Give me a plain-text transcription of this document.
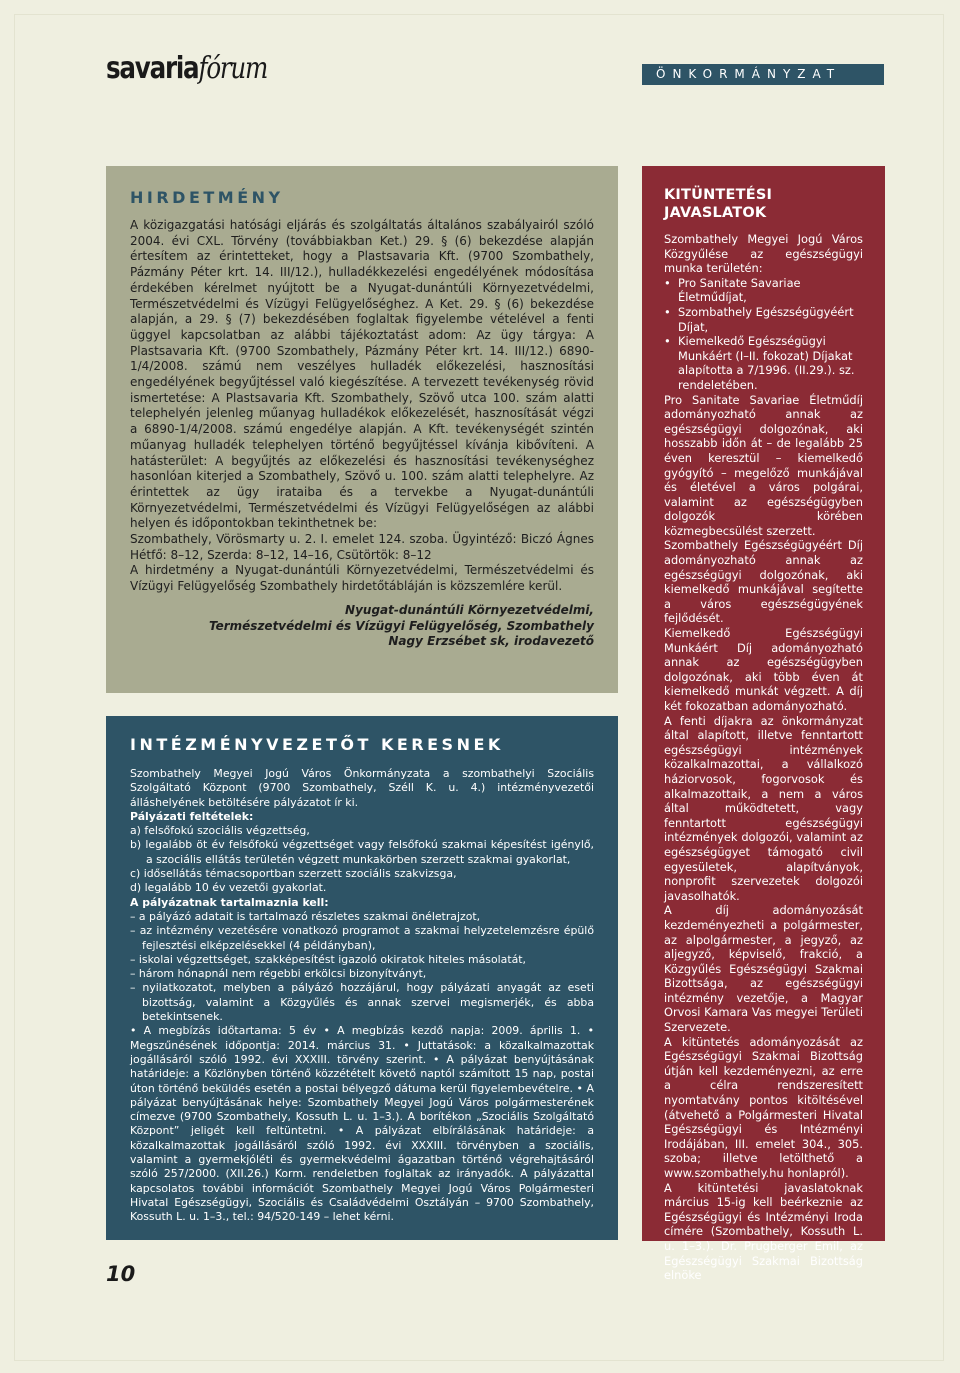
savariafórum	ÖNKORMÁNYZAT
HIRDETMÉNY

A közigazgatási hatósági eljárás és szolgáltatás általános szabályairól szóló 2004. évi CXL. Törvény (továbbiakban Ket.) 29. § (6) bekezdése alapján értesítem az érintetteket, hogy a Plastsavaria Kft. (9700 Szombathely, Pázmány Péter krt. 14. III/12.), hulladékkezelési engedélyének módosítása érdekében kérelmet nyújtott be a Nyugat-dunántúli Környezetvédelmi, Természetvédelmi és Vízügyi Felügyelőséghez. A Ket. 29. § (6) bekezdése alapján, a 29. § (7) bekezdésében foglaltak figyelembe vételével a fenti üggyel kapcsolatban az alábbi tájékoztatást adom: Az ügy tárgya: A Plastsavaria Kft. (9700 Szombathely, Pázmány Péter krt. 14. III/12.) 6890-1/4/2008. számú nem veszélyes hulladék előkezelési, hasznosítási engedélyének begyűjtéssel való kiegészítése. A tervezett tevékenység rövid ismertetése: A Plastsavaria Kft. Szombathely, Szövő utca 100. szám alatti telephelyén jelenleg műanyag hulladékok előkezelését, hasznosítását végzi a 6890-1/4/2008. számú engedélye alapján. A Kft. tevékenységét szintén műanyag hulladék telephelyen történő begyűjtéssel kívánja kibővíteni. A hatásterület: A begyűjtés az előkezelési és hasznosítási tevékenységhez hasonlóan kiterjed a Szombathely, Szövő u. 100. szám alatti telephelyre. Az érintettek az ügy irataiba és a tervekbe a Nyugat-dunántúli Környezetvédelmi, Természetvédelmi és Vízügyi Felügyelőségen az alábbi helyen és időpontokban tekinthetnek be:

Szombathely, Vörösmarty u. 2. I. emelet 124. szoba. Ügyintéző: Biczó Ágnes Hétfő: 8–12, Szerda: 8–12, 14–16, Csütörtök: 8–12

A hirdetmény a Nyugat-dunántúli Környezetvédelmi, Természetvédelmi és Vízügyi Felügyelőség Szombathely hirdetőtábláján is közszemlére kerül.

Nyugat-dunántúli Környezetvédelmi,
Természetvédelmi és Vízügyi Felügyelőség, Szombathely
Nagy Erzsébet sk, irodavezető
INTÉZMÉNYVEZETŐT KERESNEK

Szombathely Megyei Jogú Város Önkormányzata a szombathelyi Szociális Szolgáltató Központ (9700 Szombathely, Széll K. u. 4.) intézményvezetői álláshelyének betöltésére pályázatot ír ki.

Pályázati feltételek:

a) felsőfokú szociális végzettség,
b) legalább öt év felsőfokú végzettséget vagy felsőfokú szakmai képesítést igénylő, a szociális ellátás területén végzett munkakörben szerzett szakmai gyakorlat,
c) idősellátás témacsoportban szerzett szociális szakvizsga,
d) legalább 10 év vezetői gyakorlat.

A pályázatnak tartalmaznia kell:

– a pályázó adatait is tartalmazó részletes szakmai önéletrajzot,
– az intézmény vezetésére vonatkozó programot a szakmai helyzetelemzésre épülő fejlesztési elképzelésekkel (4 példányban),
– iskolai végzettséget, szakképesítést igazoló okiratok hiteles másolatát,
– három hónapnál nem régebbi erkölcsi bizonyítványt,
– nyilatkozatot, melyben a pályázó hozzájárul, hogy pályázati anyagát az eseti bizottság, valamint a Közgyűlés és annak szervei megismerjék, és abba betekintsenek.

• A megbízás időtartama: 5 év • A megbízás kezdő napja: 2009. április 1. • Megszűnésének időpontja: 2014. március 31. • Juttatások: a közalkalmazottak jogállásáról szóló 1992. évi XXXIII. törvény szerint. • A pályázat benyújtásának határideje: a Közlönyben történő közzétételt követő naptól számított 15 nap, postai úton történő beküldés esetén a postai bélyegző dátuma kerül figyelembevételre. • A pályázat benyújtásának helye: Szombathely Megyei Jogú Város polgármesterének címezve (9700 Szombathely, Kossuth L. u. 1–3.). A borítékon „Szociális Szolgáltató Központ” jeligét kell feltüntetni. • A pályázat elbírálásának határideje: a közalkalmazottak jogállásáról szóló 1992. évi XXXIII. törvényben a szociális, valamint a gyermekjóléti és gyermekvédelmi ágazatban történő végrehajtásáról szóló 257/2000. (XII.26.) Korm. rendeletben foglaltak az irányadók. A pályázattal kapcsolatos további információt Szombathely Megyei Jogú Város Polgármesteri Hivatal Egészségügyi, Szociális és Családvédelmi Osztályán – 9700 Szombathely, Kossuth L. u. 1–3., tel.: 94/520-149 – lehet kérni.

KITÜNTETÉSI JAVASLATOK

Szombathely Megyei Jogú Város Közgyűlése az egészségügyi munka területén:

•  Pro Sanitate Savariae Életműdíjat,
•  Szombathely Egészségügyéért Díjat,
•  Kiemelkedő Egészségügyi Munkáért (I–II. fokozat) Díjakat alapította a 7/1996. (II.29.). sz. rendeletében.

Pro Sanitate Savariae Életműdíj adományozható annak az egészségügyi dolgozónak, aki hosszabb időn át – de legalább 25 éven keresztül – kiemelkedő gyógyító – megelőző munkájával és életével a város polgárai, valamint az egészségügyben dolgozók körében közmegbecsülést szerzett.

Szombathely Egészségügyéért Díj adományozható annak az egészségügyi dolgozónak, aki kiemelkedő munkájával segítette a város egészségügyének fejlődését.

Kiemelkedő Egészségügyi Munkáért Díj adományozható annak az egészségügyben dolgozónak, aki több éven át kiemelkedő munkát végzett. A díj két fokozatban adományozható.

A fenti díjakra az önkormányzat által alapított, illetve fenntartott egészségügyi intézmények közalkalmazottai, a vállalkozó háziorvosok, fogorvosok és alkalmazottaik, a nem a város által működtetett, vagy fenntartott egészségügyi intézmények dolgozói, valamint az egészségügyet támogató civil egyesületek, alapítványok, nonprofit szervezetek dolgozói javasolhatók.

A díj adományozását kezdeményezheti a polgármester, az alpolgármester, a jegyző, az aljegyző, képviselő, frakció, a Közgyűlés Egészségügyi Szakmai Bizottsága, az egészségügyi intézmény vezetője, a Magyar Orvosi Kamara Vas megyei Területi Szervezete.

A kitüntetés adományozását az Egészségügyi Szakmai Bizottság útján kell kezdeményezni, az erre a célra rendszeresített nyomtatvány pontos kitöltésével (átvehető a Polgármesteri Hivatal Egészségügyi és Intézményi Irodájában, III. emelet 304., 305. szoba; illetve letölthető a www.szombathely.hu honlapról).

A kitüntetési javaslatoknak március 15-ig kell beérkeznie az Egészségügyi és Intézményi Iroda címére (Szombathely, Kossuth L. u. 1–3.). Dr. Prugberger Emil, az Egészségügyi Szakmai Bizottság elnöke

10
